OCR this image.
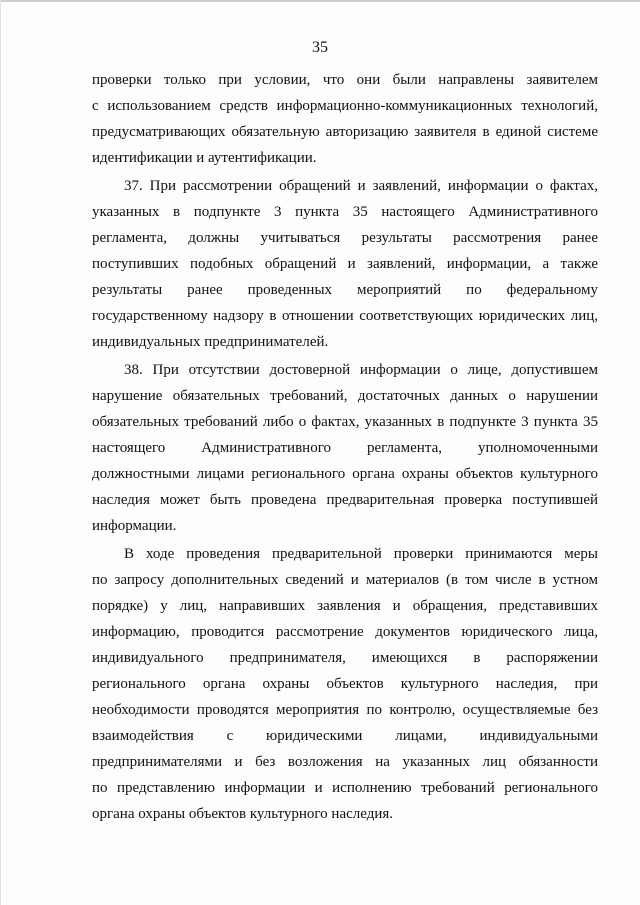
35
проверки только при условии, что они были направлены заявителем
с использованием средств информационно-коммуникационных технологий,
предусматривающих обязательную авторизацию заявителя в единой системе
идентификации и аутентификации.
37. При рассмотрении обращений и заявлений, информации о фактах,
указанных в подпункте 3 пункта 35 настоящего Административного
регламента, должны учитываться результаты рассмотрения ранее
поступивших подобных обращений и заявлений, информации, а также
результаты ранее проведенных мероприятий по федеральному
государственному надзору в отношении соответствующих юридических лиц,
индивидуальных предпринимателей.
38. При отсутствии достоверной информации о лице, допустившем
нарушение обязательных требований, достаточных данных о нарушении
обязательных требований либо о фактах, указанных в подпункте 3 пункта 35
настоящего Административного регламента, уполномоченными
должностными лицами регионального органа охраны объектов культурного
наследия может быть проведена предварительная проверка поступившей
информации.
В ходе проведения предварительной проверки принимаются меры
по запросу дополнительных сведений и материалов (в том числе в устном
порядке) у лиц, направивших заявления и обращения, представивших
информацию, проводится рассмотрение документов юридического лица,
индивидуального предпринимателя, имеющихся в распоряжении
регионального органа охраны объектов культурного наследия, при
необходимости проводятся мероприятия по контролю, осуществляемые без
взаимодействия с юридическими лицами, индивидуальными
предпринимателями и без возложения на указанных лиц обязанности
по представлению информации и исполнению требований регионального
органа охраны объектов культурного наследия.
